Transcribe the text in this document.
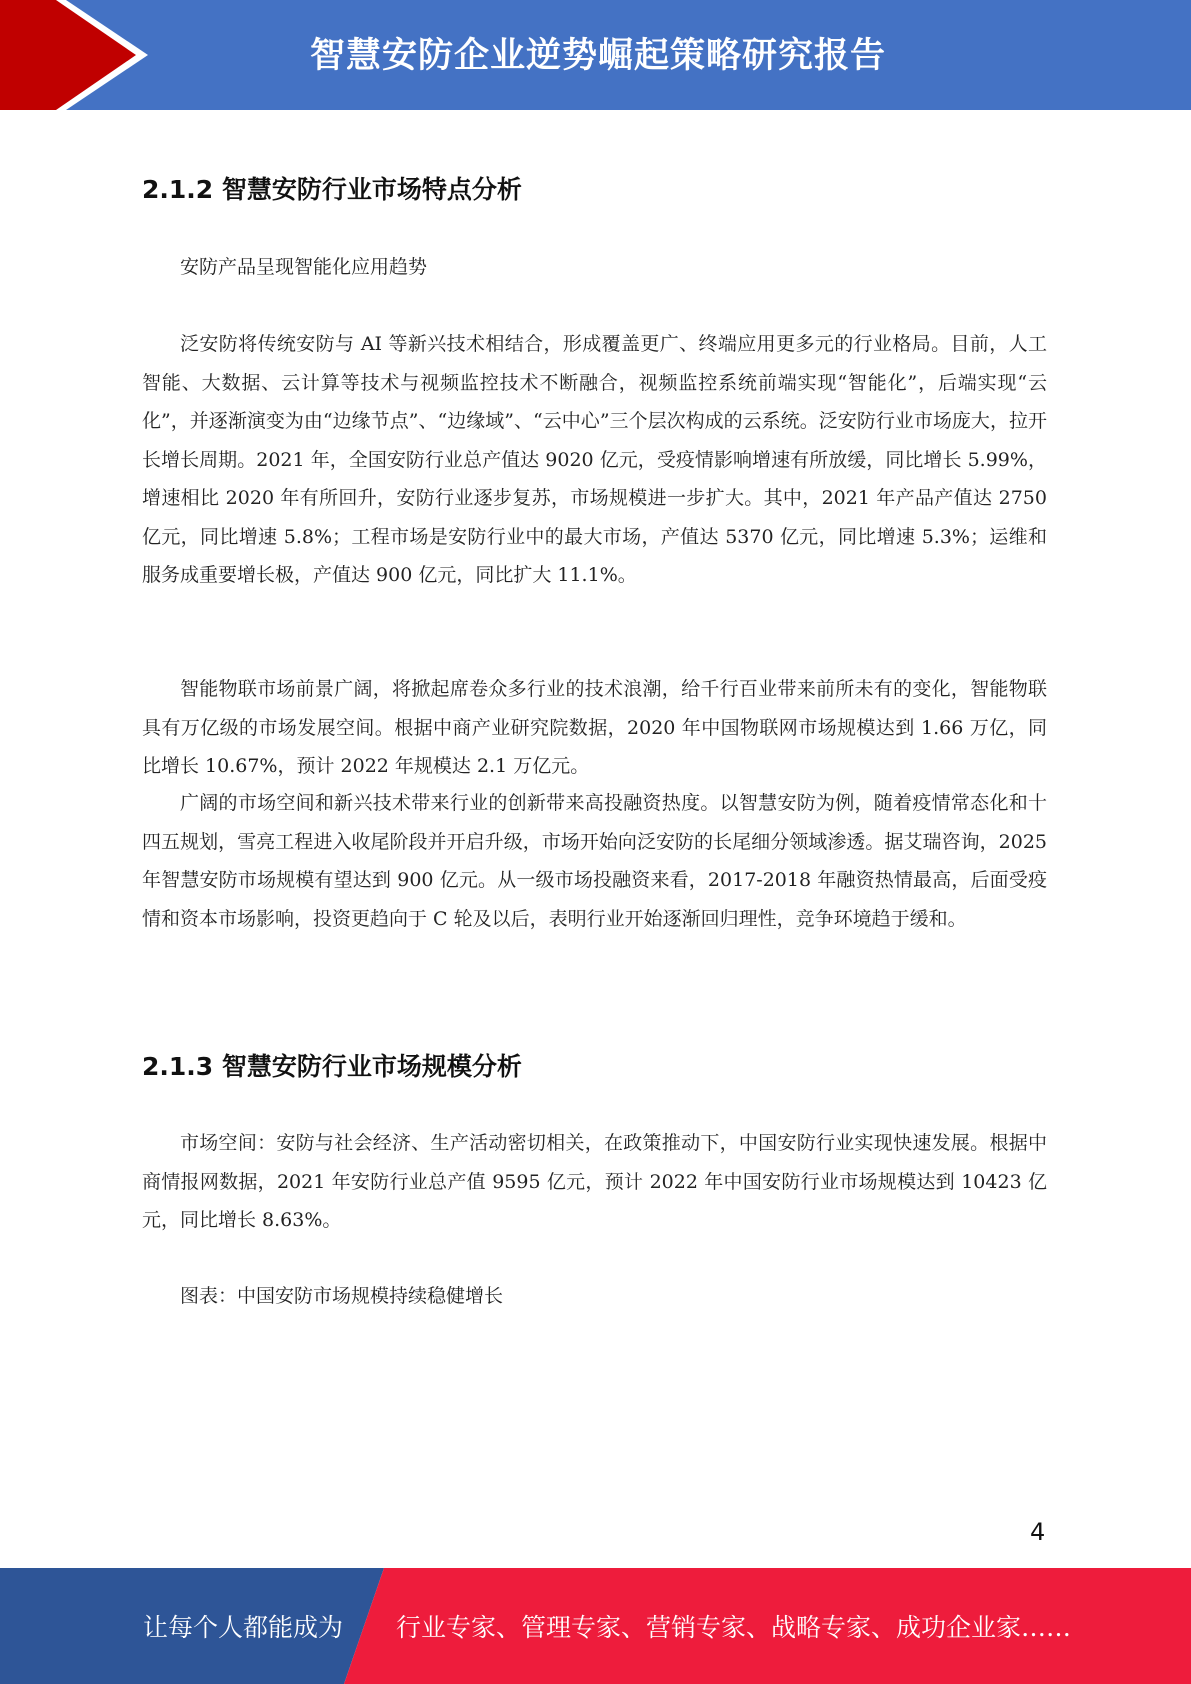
智慧安防企业逆势崛起策略研究报告
2.1.2 智慧安防行业市场特点分析
安防产品呈现智能化应用趋势
泛安防将传统安防与 AI 等新兴技术相结合，形成覆盖更广、终端应用更多元的行业格局。目前，人工智能、大数据、云计算等技术与视频监控技术不断融合，视频监控系统前端实现“智能化”，后端实现“云化”，并逐渐演变为由“边缘节点”、“边缘域”、“云中心”三个层次构成的云系统。泛安防行业市场庞大，拉开长增长周期。2021 年，全国安防行业总产值达 9020 亿元，受疫情影响增速有所放缓，同比增长 5.99%，增速相比 2020 年有所回升，安防行业逐步复苏，市场规模进一步扩大。其中，2021 年产品产值达 2750 亿元，同比增速 5.8%；工程市场是安防行业中的最大市场，产值达 5370 亿元，同比增速 5.3%；运维和服务成重要增长极，产值达 900 亿元，同比扩大 11.1%。
智能物联市场前景广阔，将掀起席卷众多行业的技术浪潮，给千行百业带来前所未有的变化，智能物联具有万亿级的市场发展空间。根据中商产业研究院数据，2020 年中国物联网市场规模达到 1.66 万亿，同比增长 10.67%，预计 2022 年规模达 2.1 万亿元。
广阔的市场空间和新兴技术带来行业的创新带来高投融资热度。以智慧安防为例，随着疫情常态化和十四五规划，雪亮工程进入收尾阶段并开启升级，市场开始向泛安防的长尾细分领域渗透。据艾瑞咨询，2025 年智慧安防市场规模有望达到 900 亿元。从一级市场投融资来看，2017-2018 年融资热情最高，后面受疫情和资本市场影响，投资更趋向于 C 轮及以后，表明行业开始逐渐回归理性，竞争环境趋于缓和。
2.1.3 智慧安防行业市场规模分析
市场空间：安防与社会经济、生产活动密切相关，在政策推动下，中国安防行业实现快速发展。根据中商情报网数据，2021 年安防行业总产值 9595 亿元，预计 2022 年中国安防行业市场规模达到 10423 亿元，同比增长 8.63%。
图表：中国安防市场规模持续稳健增长
4
让每个人都能成为 行业专家、管理专家、营销专家、战略专家、成功企业家……
